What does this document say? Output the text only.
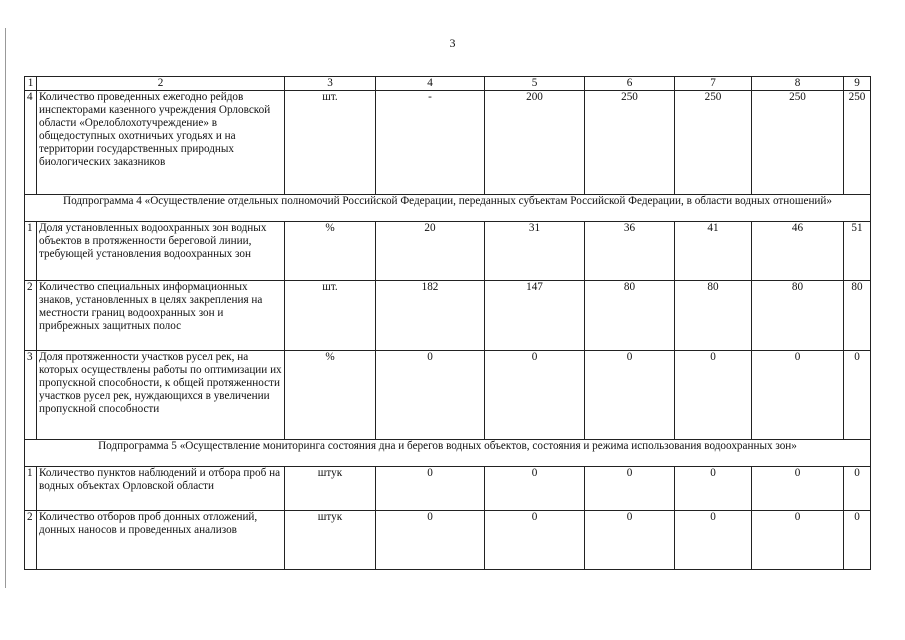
3
1	2	3	4	5	6	7	8	9
4	Количество проведенных ежегодно рейдов инспекторами казенного учреждения Орловской области «Орелоблохотучреждение» в общедоступных охотничьих угодьях и на территории государственных природных биологических заказников	шт.	-	200	250	250	250	250
Подпрограмма 4 «Осуществление отдельных полномочий Российской Федерации, переданных субъектам Российской Федерации, в области водных отношений»								
1	Доля установленных водоохранных зон водных объектов в протяженности береговой линии, требующей установления водоохранных зон	%	20	31	36	41	46	51
2	Количество специальных информационных знаков, установленных в целях закрепления на местности границ водоохранных зон и прибрежных защитных полос	шт.	182	147	80	80	80	80
3	Доля протяженности участков русел рек, на которых осуществлены работы по оптимизации их пропускной способности, к общей протяженности участков русел рек, нуждающихся в увеличении пропускной способности	%	0	0	0	0	0	0
Подпрограмма 5 «Осуществление мониторинга состояния дна и берегов водных объектов, состояния и режима использования водоохранных зон»								
1	Количество пунктов наблюдений и отбора проб на водных объектах Орловской области	штук	0	0	0	0	0	0
2	Количество отборов проб донных отложений, донных наносов и проведенных анализов	штук	0	0	0	0	0	0
